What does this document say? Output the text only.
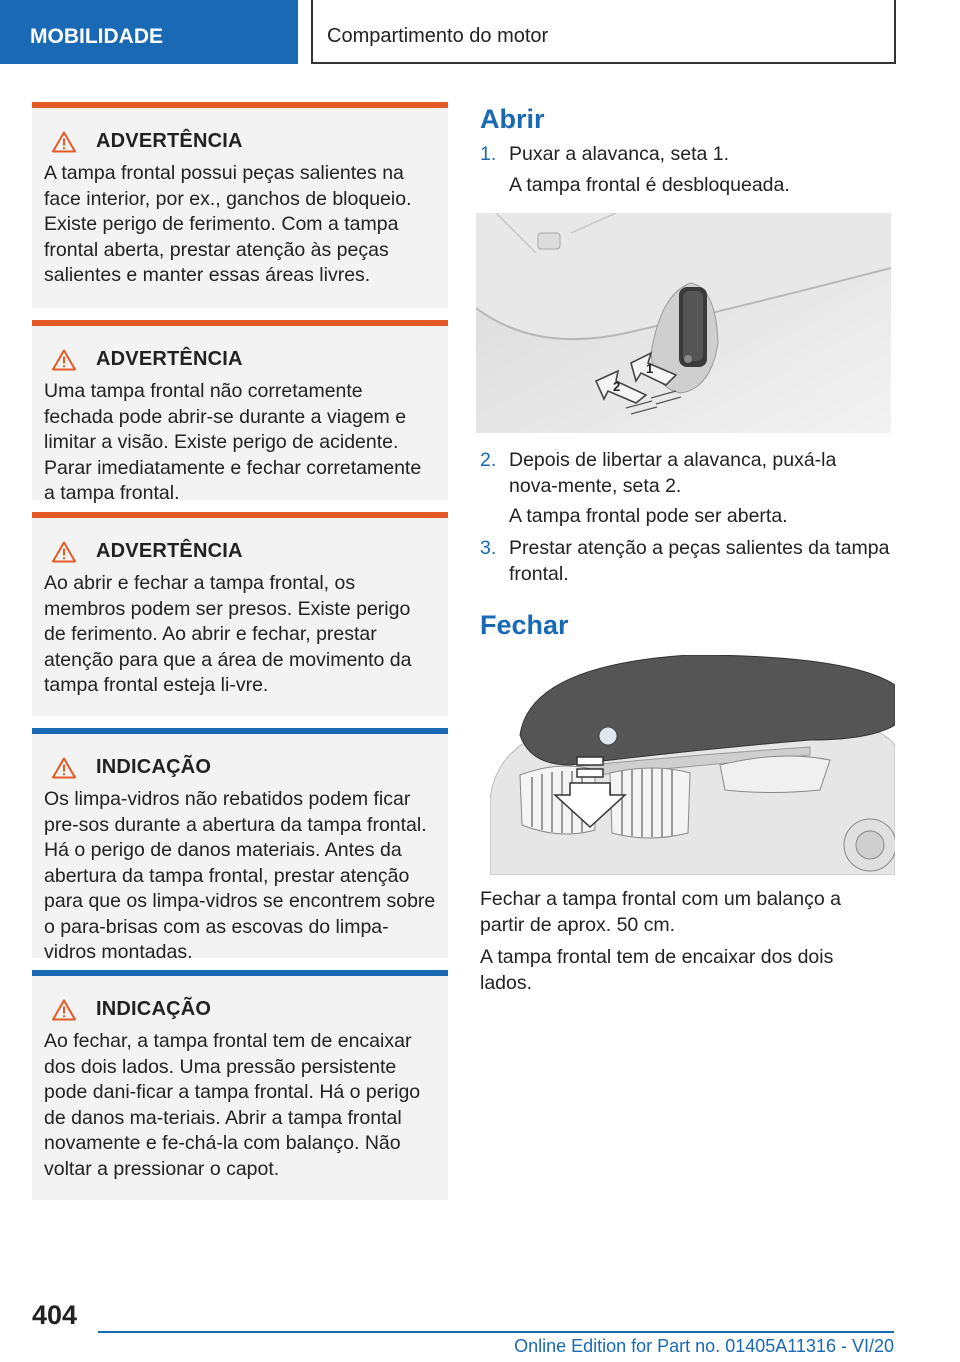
MOBILIDADE	Compartimento do motor
ADVERTÊNCIA
A tampa frontal possui peças salientes na face interior, por ex., ganchos de bloqueio. Existe perigo de ferimento. Com a tampa frontal aberta, prestar atenção às peças salientes e manter essas áreas livres.
ADVERTÊNCIA
Uma tampa frontal não corretamente fechada pode abrir-se durante a viagem e limitar a visão. Existe perigo de acidente. Parar imediatamente e fechar corretamente a tampa frontal.
ADVERTÊNCIA
Ao abrir e fechar a tampa frontal, os membros podem ser presos. Existe perigo de ferimento. Ao abrir e fechar, prestar atenção para que a área de movimento da tampa frontal esteja li-vre.
INDICAÇÃO
Os limpa-vidros não rebatidos podem ficar pre-sos durante a abertura da tampa frontal. Há o perigo de danos materiais. Antes da abertura da tampa frontal, prestar atenção para que os limpa-vidros se encontrem sobre o para-brisas com as escovas do limpa-vidros montadas.
INDICAÇÃO
Ao fechar, a tampa frontal tem de encaixar dos dois lados. Uma pressão persistente pode dani-ficar a tampa frontal. Há o perigo de danos ma-teriais. Abrir a tampa frontal novamente e fe-chá-la com balanço. Não voltar a pressionar o capot.
Abrir
1. Puxar a alavanca, seta 1.
A tampa frontal é desbloqueada.
1
2
2. Depois de libertar a alavanca, puxá-la nova-mente, seta 2.
A tampa frontal pode ser aberta.
3. Prestar atenção a peças salientes da tampa frontal.
Fechar
Fechar a tampa frontal com um balanço a partir de aprox. 50 cm.
A tampa frontal tem de encaixar dos dois lados.
404
Online Edition for Part no. 01405A11316 - VI/20
